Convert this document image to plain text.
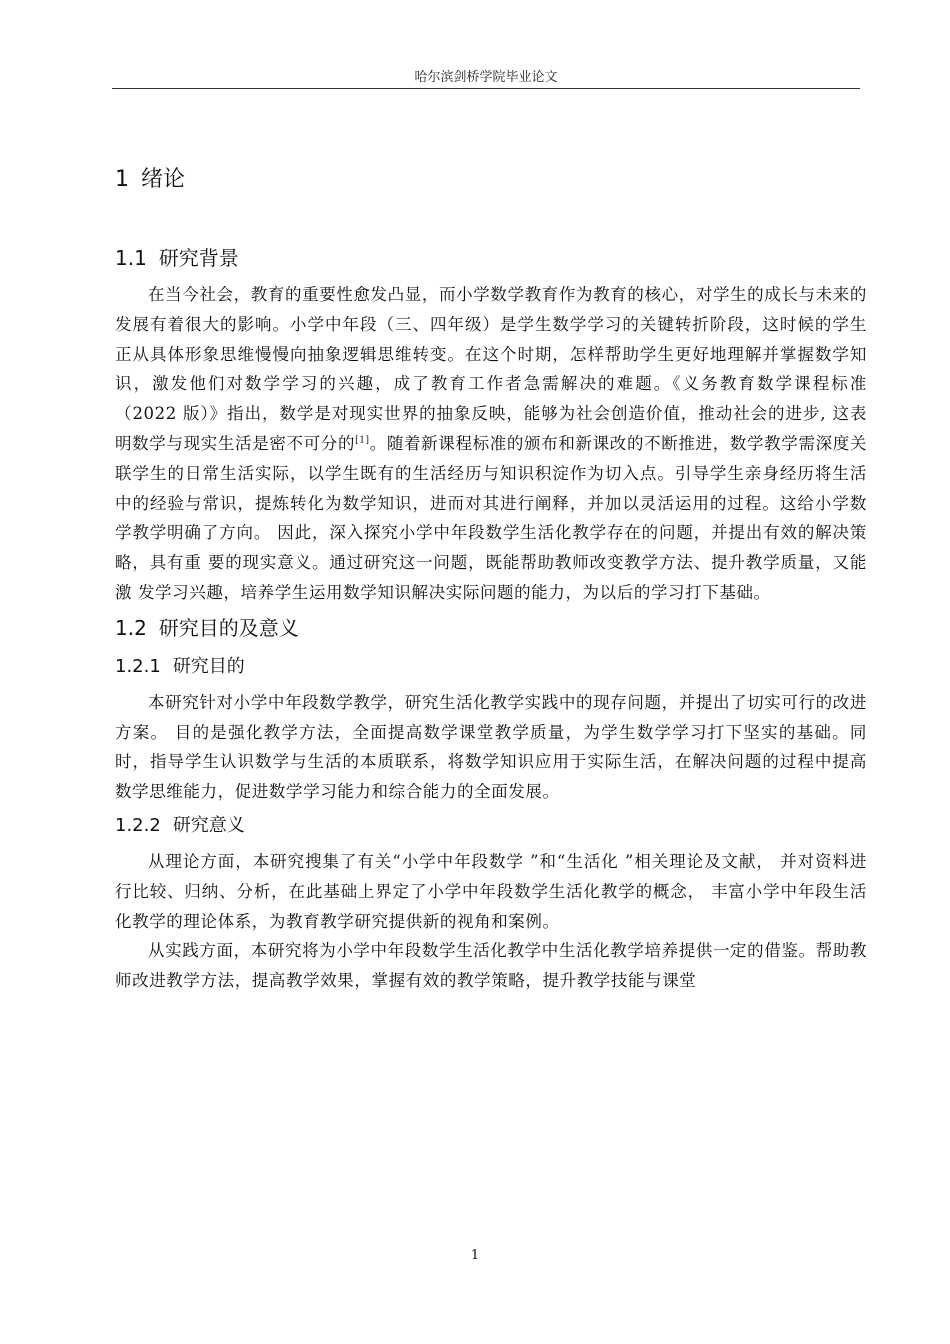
哈尔滨剑桥学院毕业论文
1 绪论
1.1 研究背景

在当今社会，教育的重要性愈发凸显，而小学数学教育作为教育的核心，对学生的成长与未来的发展有着很大的影响。小学中年段（三、四年级）是学生数学学习的关键转折阶段，这时候的学生正从具体形象思维慢慢向抽象逻辑思维转变。在这个时期，怎样帮助学生更好地理解并掌握数学知识，激发他们对数学学习的兴趣，成了教育工作者急需解决的难题。《义务教育数学课程标准（2022 版）》指出，数学是对现实世界的抽象反映，能够为社会创造价值，推动社会的进步, 这表明数学与现实生活是密不可分的[1]。随着新课程标准的颁布和新课改的不断推进，数学教学需深度关联学生的日常生活实际，以学生既有的生活经历与知识积淀作为切入点。引导学生亲身经历将生活中的经验与常识，提炼转化为数学知识，进而对其进行阐释，并加以灵活运用的过程。这给小学数学教学明确了方向。 因此，深入探究小学中年段数学生活化教学存在的问题，并提出有效的解决策略，具有重 要的现实意义。通过研究这一问题，既能帮助教师改变教学方法、提升教学质量，又能激 发学习兴趣，培养学生运用数学知识解决实际问题的能力，为以后的学习打下基础。

1.2 研究目的及意义
1.2.1 研究目的

本研究针对小学中年段数学教学，研究生活化教学实践中的现存问题，并提出了切实可行的改进方案。 目的是强化教学方法，全面提高数学课堂教学质量，为学生数学学习打下坚实的基础。同时，指导学生认识数学与生活的本质联系，将数学知识应用于实际生活，在解决问题的过程中提高数学思维能力，促进数学学习能力和综合能力的全面发展。

1.2.2 研究意义

从理论方面，本研究搜集了有关“小学中年段数学 ”和“生活化 ”相关理论及文献， 并对资料进行比较、归纳、分析，在此基础上界定了小学中年段数学生活化教学的概念， 丰富小学中年段生活化教学的理论体系，为教育教学研究提供新的视角和案例。

从实践方面，本研究将为小学中年段数学生活化教学中生活化教学培养提供一定的借鉴。帮助教师改进教学方法，提高教学效果，掌握有效的教学策略，提升教学技能与课堂

1
